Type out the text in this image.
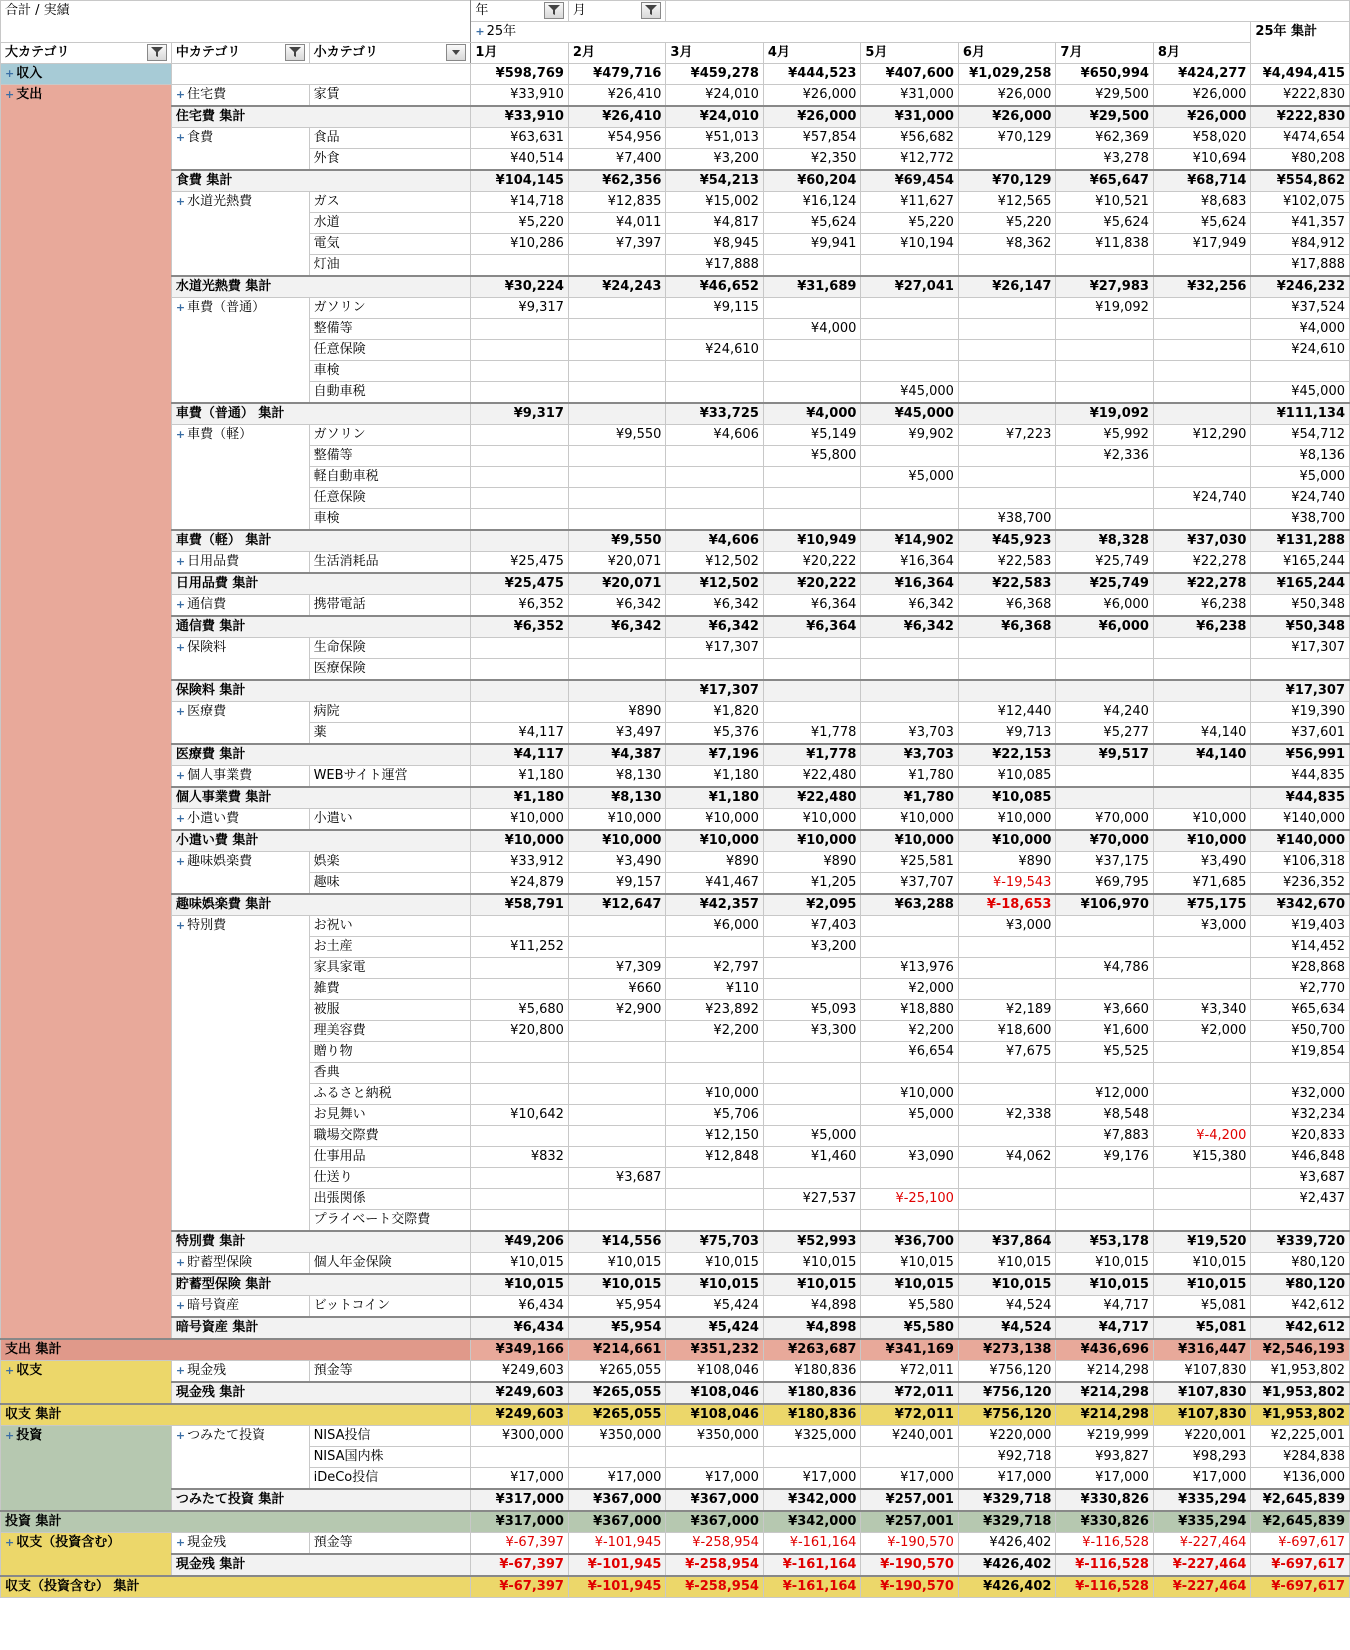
合計 / 実績			年	月						

			+ 25年								25年 集計
大カテゴリ	中カテゴリ	小カテゴリ	1月	2月	3月	4月	5月	6月	7月	8月	
+ 収入			¥598,769	¥479,716	¥459,278	¥444,523	¥407,600	¥1,029,258	¥650,994	¥424,277	¥4,494,415
+ 支出	+ 住宅費	家賃	¥33,910	¥26,410	¥24,010	¥26,000	¥31,000	¥26,000	¥29,500	¥26,000	¥222,830
	住宅費 集計		¥33,910	¥26,410	¥24,010	¥26,000	¥31,000	¥26,000	¥29,500	¥26,000	¥222,830
	+ 食費	食品	¥63,631	¥54,956	¥51,013	¥57,854	¥56,682	¥70,129	¥62,369	¥58,020	¥474,654
		外食	¥40,514	¥7,400	¥3,200	¥2,350	¥12,772		¥3,278	¥10,694	¥80,208
	食費 集計		¥104,145	¥62,356	¥54,213	¥60,204	¥69,454	¥70,129	¥65,647	¥68,714	¥554,862
	+ 水道光熱費	ガス	¥14,718	¥12,835	¥15,002	¥16,124	¥11,627	¥12,565	¥10,521	¥8,683	¥102,075
		水道	¥5,220	¥4,011	¥4,817	¥5,624	¥5,220	¥5,220	¥5,624	¥5,624	¥41,357
		電気	¥10,286	¥7,397	¥8,945	¥9,941	¥10,194	¥8,362	¥11,838	¥17,949	¥84,912
		灯油			¥17,888						¥17,888
	水道光熱費 集計		¥30,224	¥24,243	¥46,652	¥31,689	¥27,041	¥26,147	¥27,983	¥32,256	¥246,232
	+ 車費（普通）	ガソリン	¥9,317		¥9,115				¥19,092		¥37,524
		整備等				¥4,000					¥4,000
		任意保険			¥24,610						¥24,610
		車検									
		自動車税					¥45,000				¥45,000
	車費（普通） 集計		¥9,317		¥33,725	¥4,000	¥45,000		¥19,092		¥111,134
	+ 車費（軽）	ガソリン		¥9,550	¥4,606	¥5,149	¥9,902	¥7,223	¥5,992	¥12,290	¥54,712
		整備等				¥5,800			¥2,336		¥8,136
		軽自動車税					¥5,000				¥5,000
		任意保険								¥24,740	¥24,740
		車検						¥38,700			¥38,700
	車費（軽） 集計			¥9,550	¥4,606	¥10,949	¥14,902	¥45,923	¥8,328	¥37,030	¥131,288
	+ 日用品費	生活消耗品	¥25,475	¥20,071	¥12,502	¥20,222	¥16,364	¥22,583	¥25,749	¥22,278	¥165,244
	日用品費 集計		¥25,475	¥20,071	¥12,502	¥20,222	¥16,364	¥22,583	¥25,749	¥22,278	¥165,244
	+ 通信費	携帯電話	¥6,352	¥6,342	¥6,342	¥6,364	¥6,342	¥6,368	¥6,000	¥6,238	¥50,348
	通信費 集計		¥6,352	¥6,342	¥6,342	¥6,364	¥6,342	¥6,368	¥6,000	¥6,238	¥50,348
	+ 保険料	生命保険			¥17,307						¥17,307
		医療保険									
	保険料 集計				¥17,307						¥17,307
	+ 医療費	病院		¥890	¥1,820			¥12,440	¥4,240		¥19,390
		薬	¥4,117	¥3,497	¥5,376	¥1,778	¥3,703	¥9,713	¥5,277	¥4,140	¥37,601
	医療費 集計		¥4,117	¥4,387	¥7,196	¥1,778	¥3,703	¥22,153	¥9,517	¥4,140	¥56,991
	+ 個人事業費	WEBサイト運営	¥1,180	¥8,130	¥1,180	¥22,480	¥1,780	¥10,085			¥44,835
	個人事業費 集計		¥1,180	¥8,130	¥1,180	¥22,480	¥1,780	¥10,085			¥44,835
	+ 小遣い費	小遣い	¥10,000	¥10,000	¥10,000	¥10,000	¥10,000	¥10,000	¥70,000	¥10,000	¥140,000
	小遣い費 集計		¥10,000	¥10,000	¥10,000	¥10,000	¥10,000	¥10,000	¥70,000	¥10,000	¥140,000
	+ 趣味娯楽費	娯楽	¥33,912	¥3,490	¥890	¥890	¥25,581	¥890	¥37,175	¥3,490	¥106,318
		趣味	¥24,879	¥9,157	¥41,467	¥1,205	¥37,707	¥-19,543	¥69,795	¥71,685	¥236,352
	趣味娯楽費 集計		¥58,791	¥12,647	¥42,357	¥2,095	¥63,288	¥-18,653	¥106,970	¥75,175	¥342,670
	+ 特別費	お祝い			¥6,000	¥7,403		¥3,000		¥3,000	¥19,403
		お土産	¥11,252			¥3,200					¥14,452
		家具家電		¥7,309	¥2,797		¥13,976		¥4,786		¥28,868
		雑費		¥660	¥110		¥2,000				¥2,770
		被服	¥5,680	¥2,900	¥23,892	¥5,093	¥18,880	¥2,189	¥3,660	¥3,340	¥65,634
		理美容費	¥20,800		¥2,200	¥3,300	¥2,200	¥18,600	¥1,600	¥2,000	¥50,700
		贈り物					¥6,654	¥7,675	¥5,525		¥19,854
		香典									
		ふるさと納税			¥10,000		¥10,000		¥12,000		¥32,000
		お見舞い	¥10,642		¥5,706		¥5,000	¥2,338	¥8,548		¥32,234
		職場交際費			¥12,150	¥5,000			¥7,883	¥-4,200	¥20,833
		仕事用品	¥832		¥12,848	¥1,460	¥3,090	¥4,062	¥9,176	¥15,380	¥46,848
		仕送り		¥3,687							¥3,687
		出張関係				¥27,537	¥-25,100				¥2,437
		プライベート交際費									
	特別費 集計		¥49,206	¥14,556	¥75,703	¥52,993	¥36,700	¥37,864	¥53,178	¥19,520	¥339,720
	+ 貯蓄型保険	個人年金保険	¥10,015	¥10,015	¥10,015	¥10,015	¥10,015	¥10,015	¥10,015	¥10,015	¥80,120
	貯蓄型保険 集計		¥10,015	¥10,015	¥10,015	¥10,015	¥10,015	¥10,015	¥10,015	¥10,015	¥80,120
	+ 暗号資産	ビットコイン	¥6,434	¥5,954	¥5,424	¥4,898	¥5,580	¥4,524	¥4,717	¥5,081	¥42,612
	暗号資産 集計		¥6,434	¥5,954	¥5,424	¥4,898	¥5,580	¥4,524	¥4,717	¥5,081	¥42,612
支出 集計			¥349,166	¥214,661	¥351,232	¥263,687	¥341,169	¥273,138	¥436,696	¥316,447	¥2,546,193
+ 収支	+ 現金残	預金等	¥249,603	¥265,055	¥108,046	¥180,836	¥72,011	¥756,120	¥214,298	¥107,830	¥1,953,802
	現金残 集計		¥249,603	¥265,055	¥108,046	¥180,836	¥72,011	¥756,120	¥214,298	¥107,830	¥1,953,802
収支 集計			¥249,603	¥265,055	¥108,046	¥180,836	¥72,011	¥756,120	¥214,298	¥107,830	¥1,953,802
+ 投資	+ つみたて投資	NISA投信	¥300,000	¥350,000	¥350,000	¥325,000	¥240,001	¥220,000	¥219,999	¥220,001	¥2,225,001
		NISA国内株						¥92,718	¥93,827	¥98,293	¥284,838
		iDeCo投信	¥17,000	¥17,000	¥17,000	¥17,000	¥17,000	¥17,000	¥17,000	¥17,000	¥136,000
	つみたて投資 集計		¥317,000	¥367,000	¥367,000	¥342,000	¥257,001	¥329,718	¥330,826	¥335,294	¥2,645,839
投資 集計			¥317,000	¥367,000	¥367,000	¥342,000	¥257,001	¥329,718	¥330,826	¥335,294	¥2,645,839
+ 収支（投資含む）	+ 現金残	預金等	¥-67,397	¥-101,945	¥-258,954	¥-161,164	¥-190,570	¥426,402	¥-116,528	¥-227,464	¥-697,617
	現金残 集計		¥-67,397	¥-101,945	¥-258,954	¥-161,164	¥-190,570	¥426,402	¥-116,528	¥-227,464	¥-697,617
収支（投資含む） 集計			¥-67,397	¥-101,945	¥-258,954	¥-161,164	¥-190,570	¥426,402	¥-116,528	¥-227,464	¥-697,617
